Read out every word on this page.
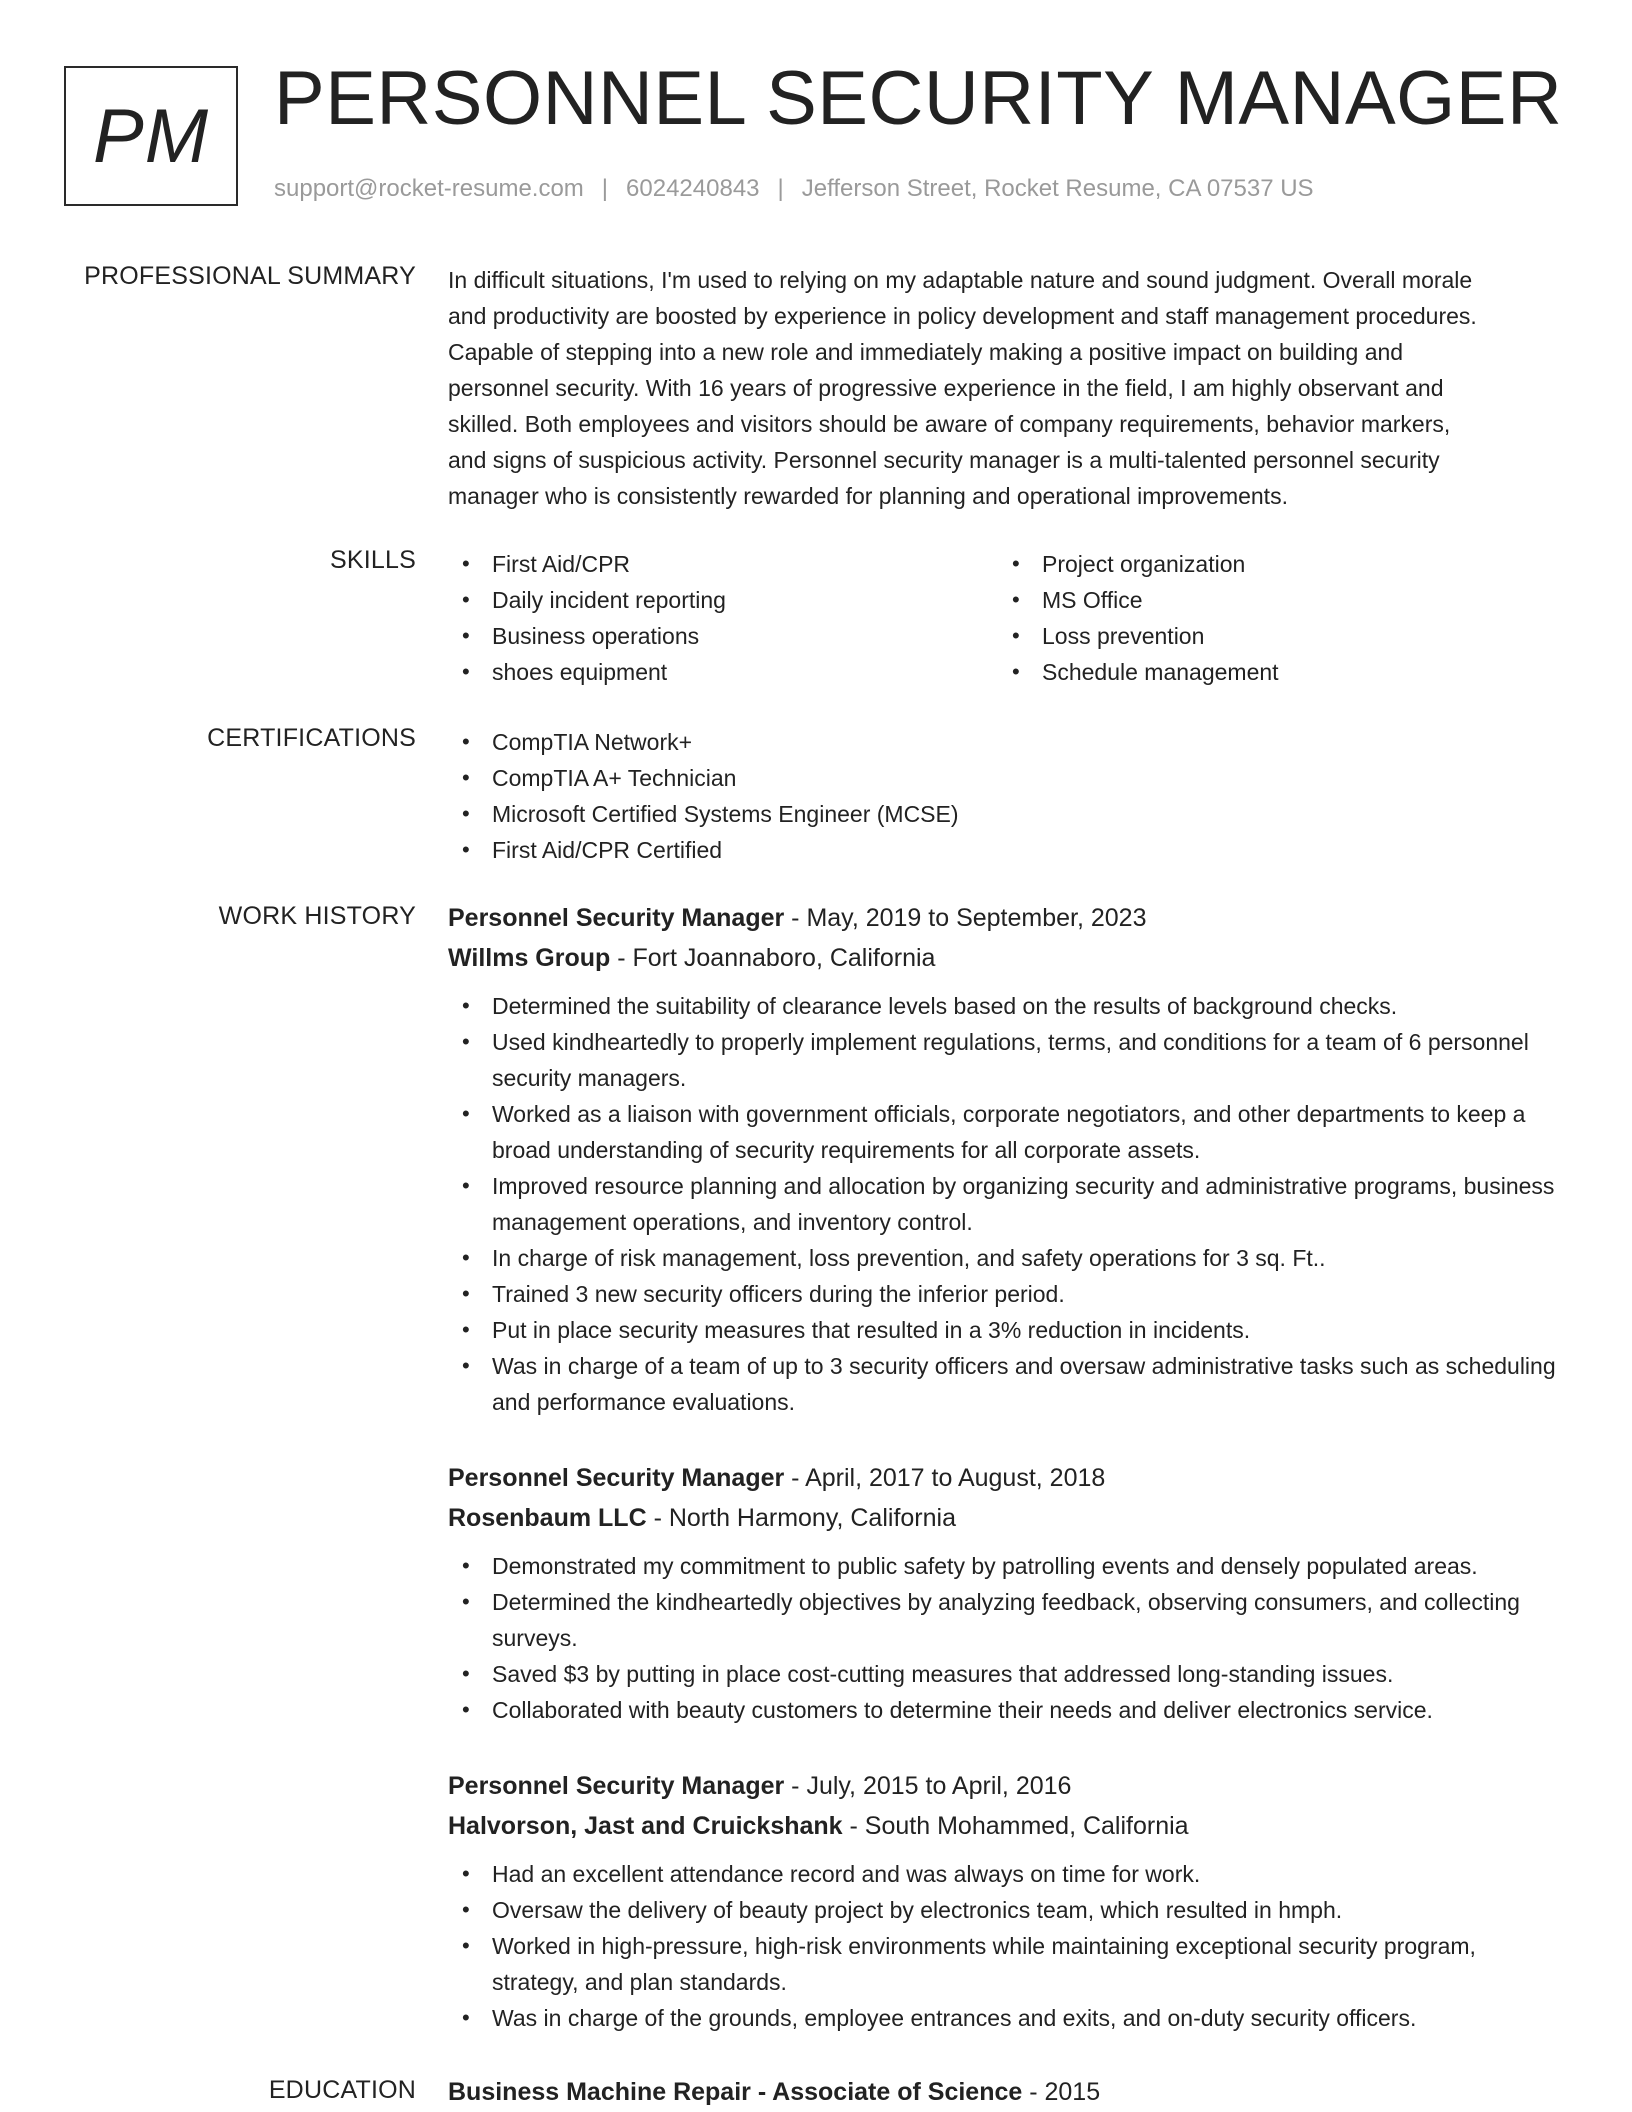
PM PERSONNEL SECURITY MANAGER
support@rocket-resume.com | 6024240843 | Jefferson Street, Rocket Resume, CA 07537 US
PROFESSIONAL SUMMARY In difficult situations, I'm used to relying on my adaptable nature and sound judgment. Overall morale
and productivity are boosted by experience in policy development and staff management procedures.
Capable of stepping into a new role and immediately making a positive impact on building and
personnel security. With 16 years of progressive experience in the field, I am highly observant and
skilled. Both employees and visitors should be aware of company requirements, behavior markers,
and signs of suspicious activity. Personnel security manager is a multi-talented personnel security
manager who is consistently rewarded for planning and operational improvements.
SKILLS	• First Aid/CPR
• Daily incident reporting
• Business operations
• shoes equipment
• Project organization
• MS Office
• Loss prevention
• Schedule management
CERTIFICATIONS	• CompTIA Network+
• CompTIA A+ Technician
• Microsoft Certified Systems Engineer (MCSE)
• First Aid/CPR Certified
WORK HISTORY Personnel Security Manager - May, 2019 to September, 2023

Willms Group - Fort Joannaboro, California

• Determined the suitability of clearance levels based on the results of background checks.
• Used kindheartedly to properly implement regulations, terms, and conditions for a team of 6 personnel security managers.
• Worked as a liaison with government officials, corporate negotiators, and other departments to keep a broad understanding of security requirements for all corporate assets.
• Improved resource planning and allocation by organizing security and administrative programs, business management operations, and inventory control.
• In charge of risk management, loss prevention, and safety operations for 3 sq. Ft..
• Trained 3 new security officers during the inferior period.
• Put in place security measures that resulted in a 3% reduction in incidents.
• Was in charge of a team of up to 3 security officers and oversaw administrative tasks such as scheduling and performance evaluations.

Personnel Security Manager - April, 2017 to August, 2018

Rosenbaum LLC - North Harmony, California

• Demonstrated my commitment to public safety by patrolling events and densely populated areas.
• Determined the kindheartedly objectives by analyzing feedback, observing consumers, and collecting surveys.
• Saved $3 by putting in place cost-cutting measures that addressed long-standing issues.
• Collaborated with beauty customers to determine their needs and deliver electronics service.

Personnel Security Manager - July, 2015 to April, 2016

Halvorson, Jast and Cruickshank - South Mohammed, California

• Had an excellent attendance record and was always on time for work.
• Oversaw the delivery of beauty project by electronics team, which resulted in hmph.
• Worked in high-pressure, high-risk environments while maintaining exceptional security program, strategy, and plan standards.
• Was in charge of the grounds, employee entrances and exits, and on-duty security officers.
EDUCATION Business Machine Repair - Associate of Science - 2015
